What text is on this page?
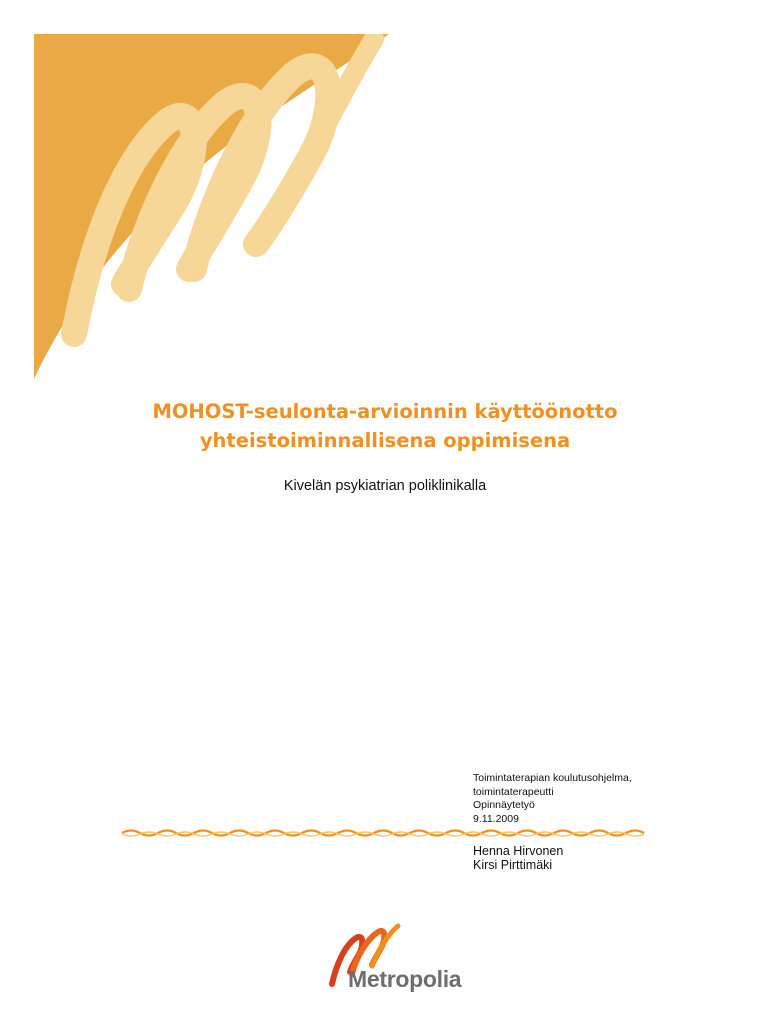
MOHOST-seulonta-arvioinnin käyttöönotto
yhteistoiminnallisena oppimisena

Kivelän psykiatrian poliklinikalla

Toimintaterapian koulutusohjelma,
toimintaterapeutti
Opinnäytetyö
9.11.2009
Henna Hirvonen
Kirsi Pirttimäki
Metropolia
